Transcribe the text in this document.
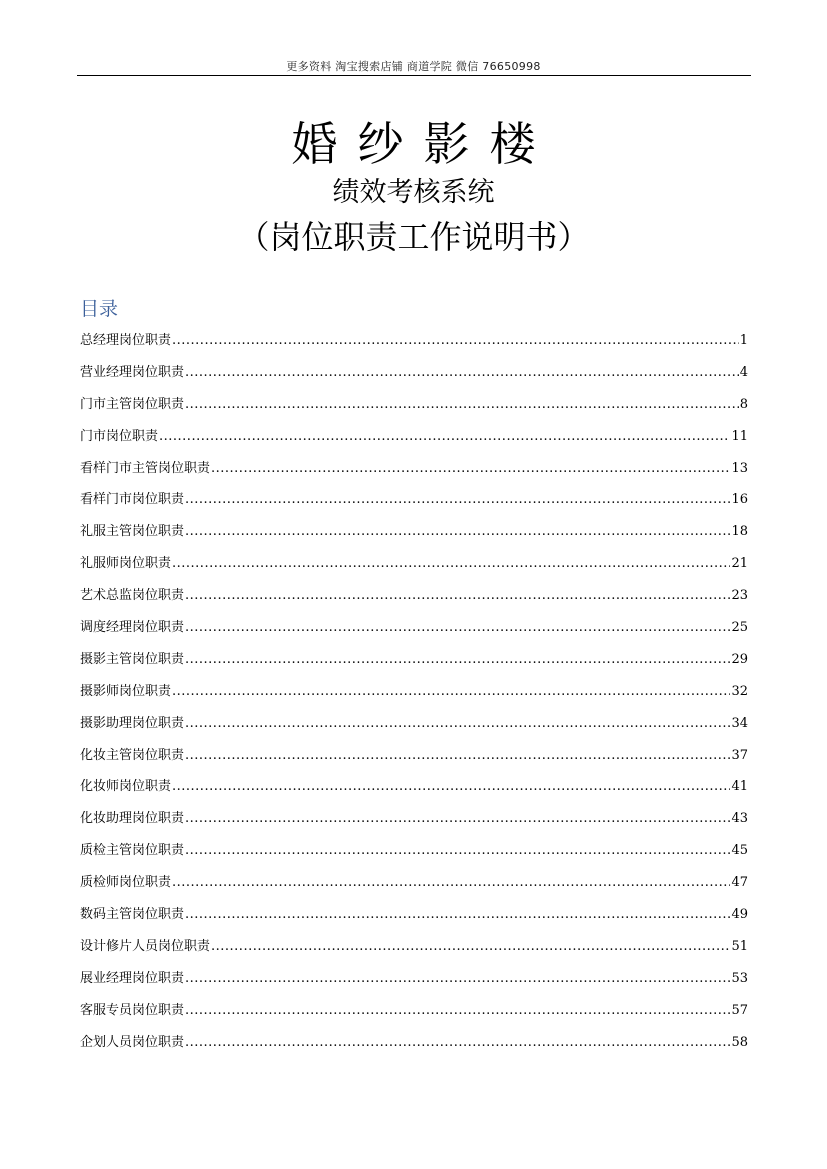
更多资料 淘宝搜索店铺 商道学院 微信 76650998
婚纱影楼
绩效考核系统
（岗位职责工作说明书）
目录
总经理岗位职责 .....	1
营业经理岗位职责 .....	4
门市主管岗位职责 .....	8
门市岗位职责 .....	11
看样门市主管岗位职责 .....	13
看样门市岗位职责 .....	16
礼服主管岗位职责 .....	18
礼服师岗位职责 .....	21
艺术总监岗位职责 .....	23
调度经理岗位职责 .....	25
摄影主管岗位职责 .....	29
摄影师岗位职责 .....	32
摄影助理岗位职责 .....	34
化妆主管岗位职责 .....	37
化妆师岗位职责 .....	41
化妆助理岗位职责 .....	43
质检主管岗位职责 .....	45
质检师岗位职责 .....	47
数码主管岗位职责 .....	49
设计修片人员岗位职责 .....	51
展业经理岗位职责 .....	53
客服专员岗位职责 .....	57
企划人员岗位职责 .....	58
